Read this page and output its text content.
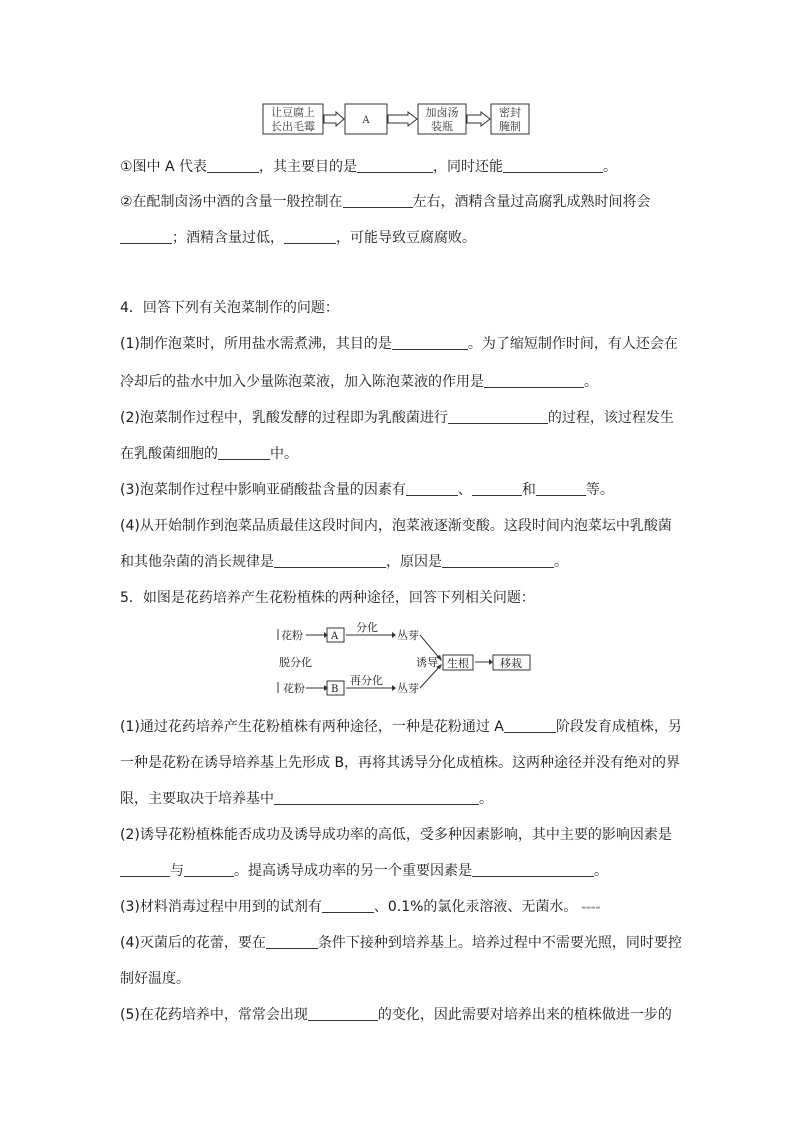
让豆腐上
长出毛霉	A
加卤汤
装瓶
密封
腌制
①图中 A 代表	，其主要目的是	，同时还能	。
②在配制卤汤中酒的含量一般控制在	左右，酒精含量过高腐乳成熟时间将会
；酒精含量过低，	，可能导致豆腐腐败。
4．回答下列有关泡菜制作的问题：
(1)制作泡菜时，所用盐水需煮沸，其目的是	。为了缩短制作时间，有人还会在
冷却后的盐水中加入少量陈泡菜液，加入陈泡菜液的作用是	。
(2)泡菜制作过程中，乳酸发酵的过程即为乳酸菌进行	的过程，该过程发生
在乳酸菌细胞的	中。
(3)泡菜制作过程中影响亚硝酸盐含量的因素有	、	和	等。
(4)从开始制作到泡菜品质最佳这段时间内，泡菜液逐渐变酸。这段时间内泡菜坛中乳酸菌
和其他杂菌的消长规律是	，原因是	。
5．如图是花药培养产生花粉植株的两种途径，回答下列相关问题：
花粉
花粉
脱分化
A
B
分化
再分化
丛芽
丛芽
诱导 生根	移栽
(1)通过花药培养产生花粉植株有两种途径，一种是花粉通过 A	阶段发育成植株，另
一种是花粉在诱导培养基上先形成 B，再将其诱导分化成植株。这两种途径并没有绝对的界
限，主要取决于培养基中	。
(2)诱导花粉植株能否成功及诱导成功率的高低，受多种因素影响，其中主要的影响因素是
与	。提高诱导成功率的另一个重要因素是	。
(3)材料消毒过程中用到的试剂有	、0.1%的氯化汞溶液、无菌水。 ▬▬▬▬
(4)灭菌后的花蕾，要在	条件下接种到培养基上。培养过程中不需要光照，同时要控
制好温度。
(5)在花药培养中，常常会出现	的变化，因此需要对培养出来的植株做进一步的
